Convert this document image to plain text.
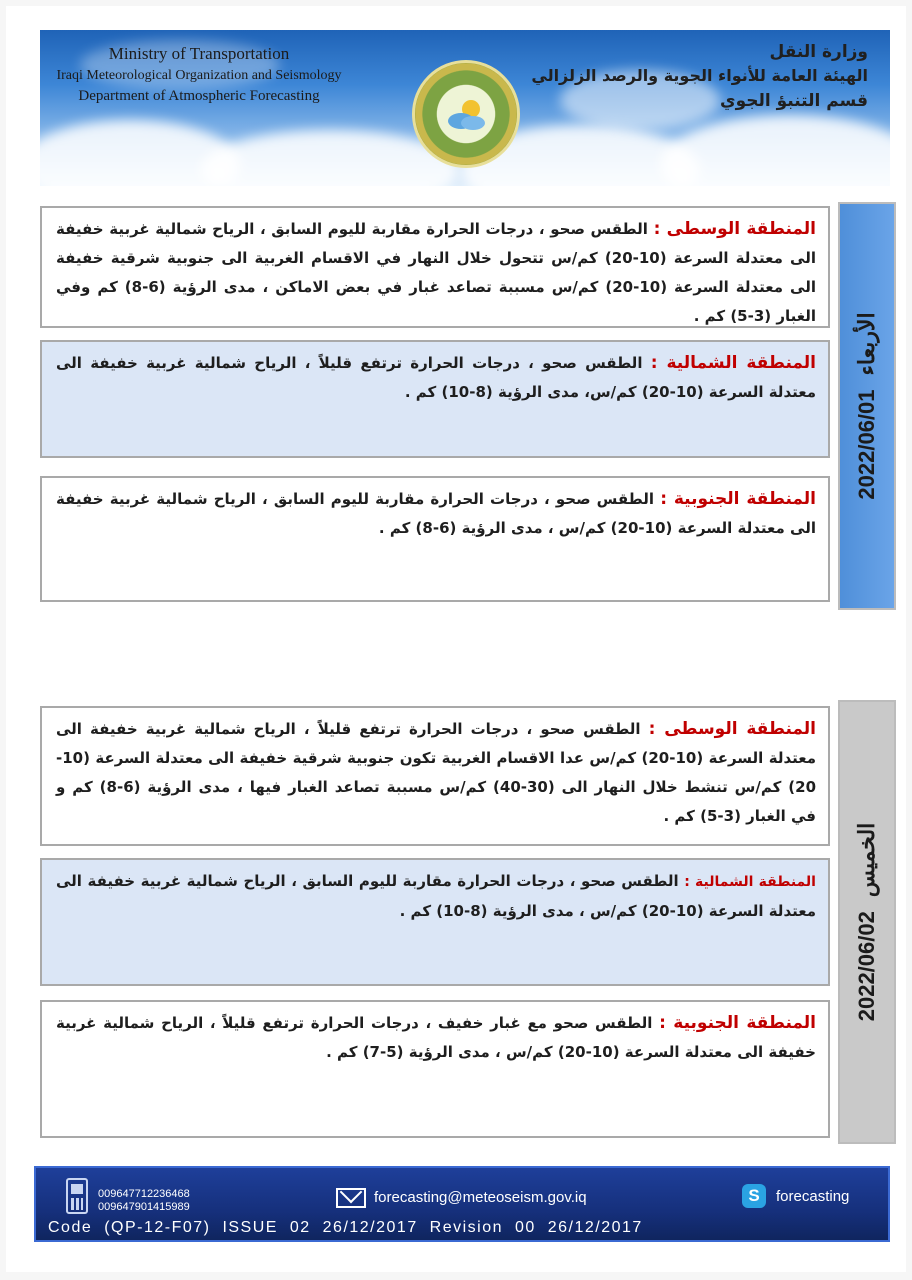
Ministry of Transportation
Iraqi Meteorological Organization and Seismology
Department of Atmospheric Forecasting
وزارة النقل
الهيئة العامة للأنواء الجوية والرصد الزلزالي
قسم التنبؤ الجوي
2022/06/01الأربعاء
المنطقة الوسطى : الطقس صحو ، درجات الحرارة مقاربة لليوم السابق ، الرياح شمالية غربية خفيفة الى معتدلة السرعة (10-20) كم/س تتحول خلال النهار في الاقسام الغربية الى جنوبية شرقية خفيفة الى معتدلة السرعة (10-20) كم/س مسببة تصاعد غبار في بعض الاماكن ، مدى الرؤية (6-8) كم وفي الغبار (3-5) كم .
المنطقة الشمالية : الطقس صحو ، درجات الحرارة ترتفع قليلاً ، الرياح شمالية غربية خفيفة الى معتدلة السرعة (10-20) كم/س، مدى الرؤية (8-10) كم .
المنطقة الجنوبية : الطقس صحو ، درجات الحرارة مقاربة لليوم السابق ، الرياح شمالية غربية خفيفة الى معتدلة السرعة (10-20) كم/س ، مدى الرؤية (6-8) كم .
2022/06/02الخميس
المنطقة الوسطى : الطقس صحو ، درجات الحرارة ترتفع قليلاً ، الرياح شمالية غربية خفيفة الى معتدلة السرعة (10-20) كم/س عدا الاقسام الغربية تكون جنوبية شرقية خفيفة الى معتدلة السرعة (10-20) كم/س تنشط خلال النهار الى (30-40) كم/س مسببة تصاعد الغبار فيها ، مدى الرؤية (6-8) كم و في الغبار (3-5) كم .
المنطقة الشمالية : الطقس صحو ، درجات الحرارة مقاربة لليوم السابق ، الرياح شمالية غربية خفيفة الى معتدلة السرعة (10-20) كم/س ، مدى الرؤية (8-10) كم .
المنطقة الجنوبية : الطقس صحو مع غبار خفيف ، درجات الحرارة ترتفع قليلاً ، الرياح شمالية غربية خفيفة الى معتدلة السرعة (10-20) كم/س ، مدى الرؤية (5-7) كم .
009647712236468
009647901415989
forecasting@meteoseism.gov.iq	S	forecasting
Code (QP-12-F07) ISSUE 02 26/12/2017 Revision 00 26/12/2017
